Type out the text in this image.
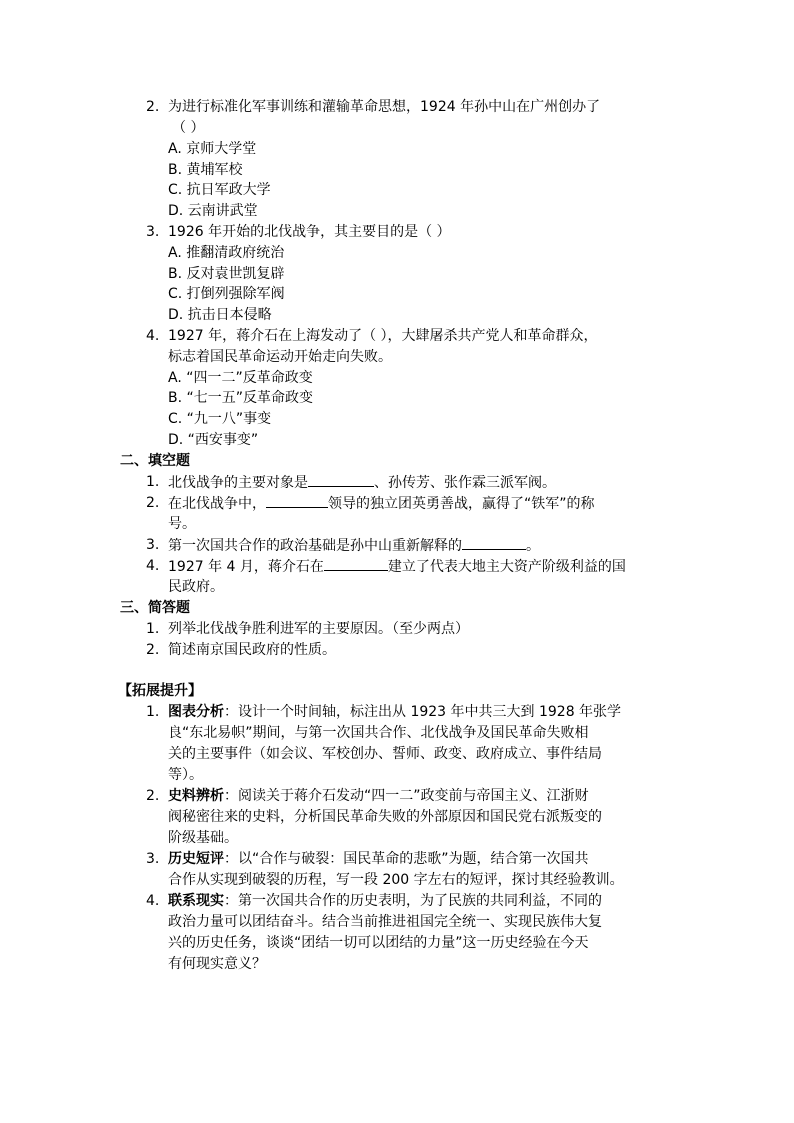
2. 为进行标准化军事训练和灌输革命思想，1924 年孙中山在广州创办了
（ ）
A. 京师大学堂
B. 黄埔军校
C. 抗日军政大学
D. 云南讲武堂
3. 1926 年开始的北伐战争，其主要目的是（ ）
A. 推翻清政府统治
B. 反对袁世凯复辟
C. 打倒列强除军阀
D. 抗击日本侵略
4. 1927 年，蒋介石在上海发动了（ ），大肆屠杀共产党人和革命群众，
标志着国民革命运动开始走向失败。
A. “四一二”反革命政变
B. “七一五”反革命政变
C. “九一八”事变
D. “西安事变”
二、填空题
1. 北伐战争的主要对象是	、孙传芳、张作霖三派军阀。
2. 在北伐战争中，	领导的独立团英勇善战，赢得了“铁军”的称
号。
3. 第一次国共合作的政治基础是孙中山重新解释的	。
4. 1927 年 4 月，蒋介石在	建立了代表大地主大资产阶级利益的国
民政府。
三、简答题
1. 列举北伐战争胜利进军的主要原因。（至少两点）
2. 简述南京国民政府的性质。
【拓展提升】
1. 图表分析：设计一个时间轴，标注出从 1923 年中共三大到 1928 年张学
良“东北易帜”期间，与第一次国共合作、北伐战争及国民革命失败相
关的主要事件（如会议、军校创办、誓师、政变、政府成立、事件结局
等）。
2. 史料辨析：阅读关于蒋介石发动“四一二”政变前与帝国主义、江浙财
阀秘密往来的史料，分析国民革命失败的外部原因和国民党右派叛变的
阶级基础。
3. 历史短评：以“合作与破裂：国民革命的悲歌”为题，结合第一次国共
合作从实现到破裂的历程，写一段 200 字左右的短评，探讨其经验教训。
4. 联系现实：第一次国共合作的历史表明，为了民族的共同利益，不同的
政治力量可以团结奋斗。结合当前推进祖国完全统一、实现民族伟大复
兴的历史任务，谈谈“团结一切可以团结的力量”这一历史经验在今天
有何现实意义？
